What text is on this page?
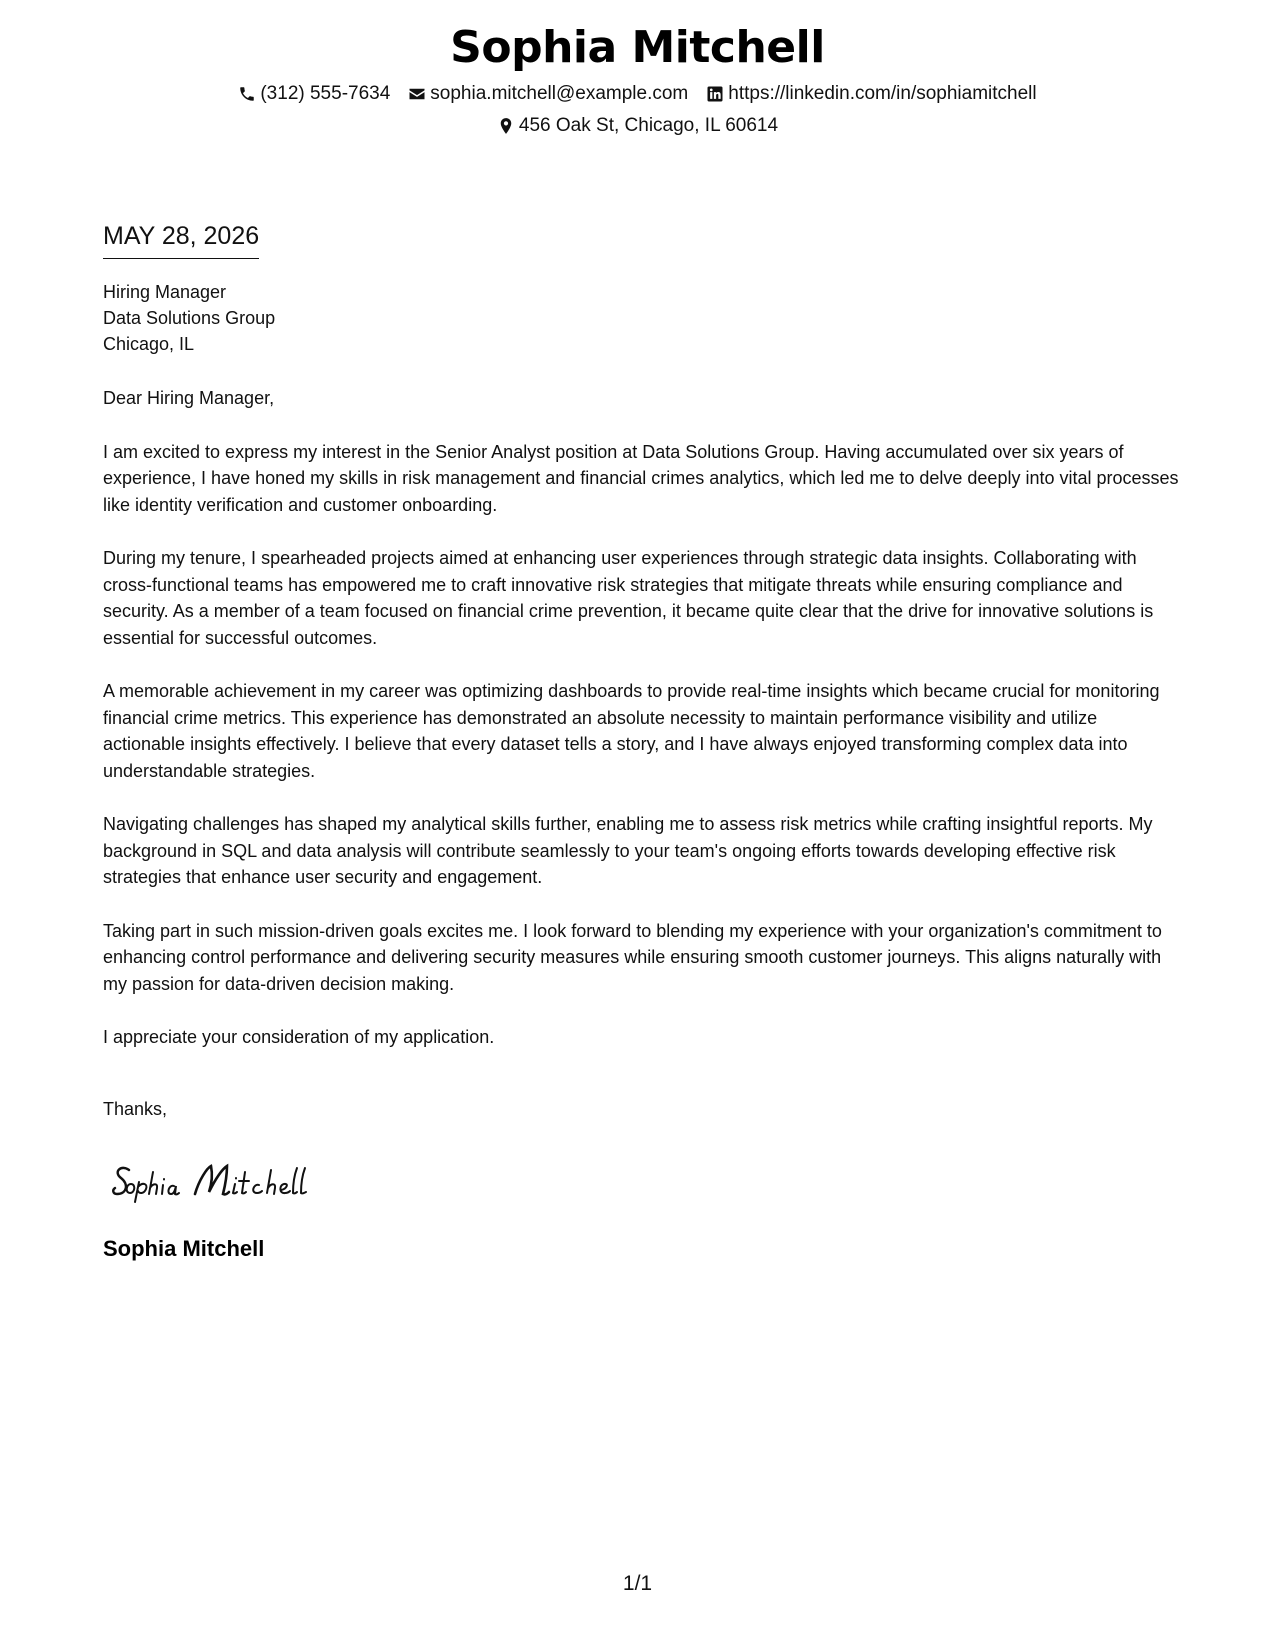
Sophia Mitchell
(312) 555-7634 sophia.mitchell@example.com https://linkedin.com/in/sophiamitchell
456 Oak St, Chicago, IL 60614
MAY 28, 2026
Hiring Manager
Data Solutions Group
Chicago, IL
Dear Hiring Manager,

I am excited to express my interest in the Senior Analyst position at Data Solutions Group. Having accumulated over six years of experience, I have honed my skills in risk management and financial crimes analytics, which led me to delve deeply into vital processes like identity verification and customer onboarding.

During my tenure, I spearheaded projects aimed at enhancing user experiences through strategic data insights. Collaborating with cross-functional teams has empowered me to craft innovative risk strategies that mitigate threats while ensuring compliance and security. As a member of a team focused on financial crime prevention, it became quite clear that the drive for innovative solutions is essential for successful outcomes.

A memorable achievement in my career was optimizing dashboards to provide real-time insights which became crucial for monitoring financial crime metrics. This experience has demonstrated an absolute necessity to maintain performance visibility and utilize actionable insights effectively. I believe that every dataset tells a story, and I have always enjoyed transforming complex data into understandable strategies.

Navigating challenges has shaped my analytical skills further, enabling me to assess risk metrics while crafting insightful reports. My background in SQL and data analysis will contribute seamlessly to your team's ongoing efforts towards developing effective risk strategies that enhance user security and engagement.

Taking part in such mission-driven goals excites me. I look forward to blending my experience with your organization's commitment to enhancing control performance and delivering security measures while ensuring smooth customer journeys. This aligns naturally with my passion for data-driven decision making.

I appreciate your consideration of my application.
Thanks,
Sophia Mitchell
1/1
